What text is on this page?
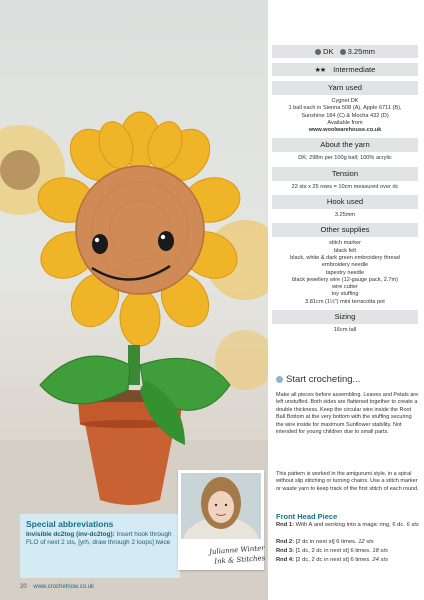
Special abbreviations
Invisible dc2tog (inv-dc2tog): Insert hook through FLO of next 2 sts, [yrh, draw through 2 loops] twice
Julianne Winter
Ink & Stitches
20 www.crochetnow.co.uk
DK	3.25mm
★★ Intermediate
Yarn used
Cygnet DK
1 ball each in Sienna 508 (A), Apple 6711 (B),
Sunshine 184 (C) & Mocha 432 (D)
Available from
www.woolwarehouse.co.uk
About the yarn
DK; 298m per 100g ball; 100% acrylic
Tension
22 sts x 25 rows = 10cm measured over dc
Hook used
3.25mm
Other supplies
stitch marker
black felt
black, white & dark green embroidery thread
embroidery needle
tapestry needle
black jewellery wire (12-gauge pack, 2.7m)
wire cutter
toy stuffing
3.81cm (1½") mini terracotta pot
Sizing
16cm tall
Start crocheting...
Make all pieces before assembling. Leaves and Petals are left unstuffed. Both sides are flattened together to create a double thickness. Keep the circular wire inside the Root Ball Bottom at the very bottom with the stuffing securing the wire inside for maximum Sunflower stability. Not intended for young children due to small parts.
This pattern is worked in the amigurumi style, in a spiral without slip stitching or turning chains. Use a stitch marker or waste yarn to keep track of the first stitch of each round.
Front Head Piece
Rnd 1: With A and working into a magic ring, 6 dc. 6 sts
Rnd 2: [2 dc in next st] 6 times. 12 sts
Rnd 3: [1 dc, 2 dc in next st] 6 times. 18 sts
Rnd 4: [2 dc, 2 dc in next st] 6 times. 24 sts
